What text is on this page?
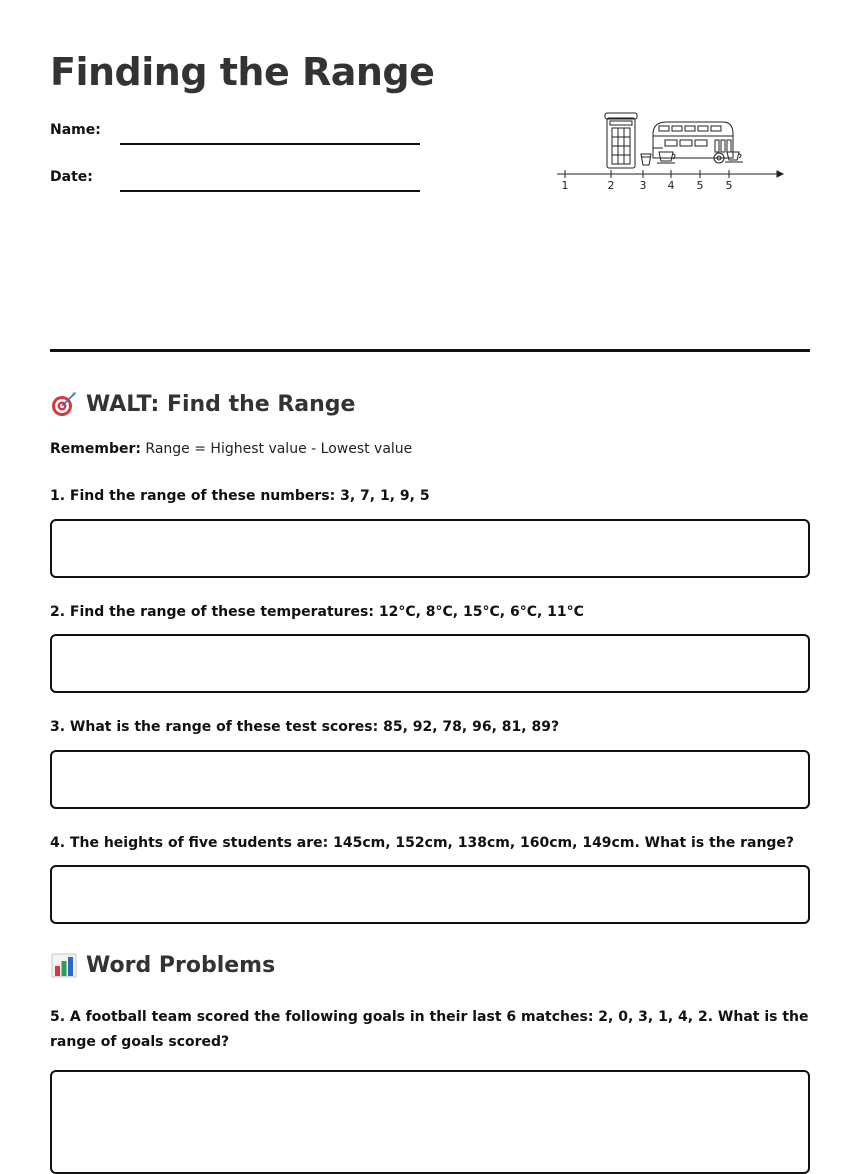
Finding the Range
Name:
Date:
1	2 3 4 5 5
WALT: Find the Range
Remember: Range = Highest value - Lowest value
1. Find the range of these numbers: 3, 7, 1, 9, 5
2. Find the range of these temperatures: 12°C, 8°C, 15°C, 6°C, 11°C
3. What is the range of these test scores: 85, 92, 78, 96, 81, 89?
4. The heights of five students are: 145cm, 152cm, 138cm, 160cm, 149cm. What is the range?
Word Problems
5. A football team scored the following goals in their last 6 matches: 2, 0, 3, 1, 4, 2. What is the range of goals scored?
